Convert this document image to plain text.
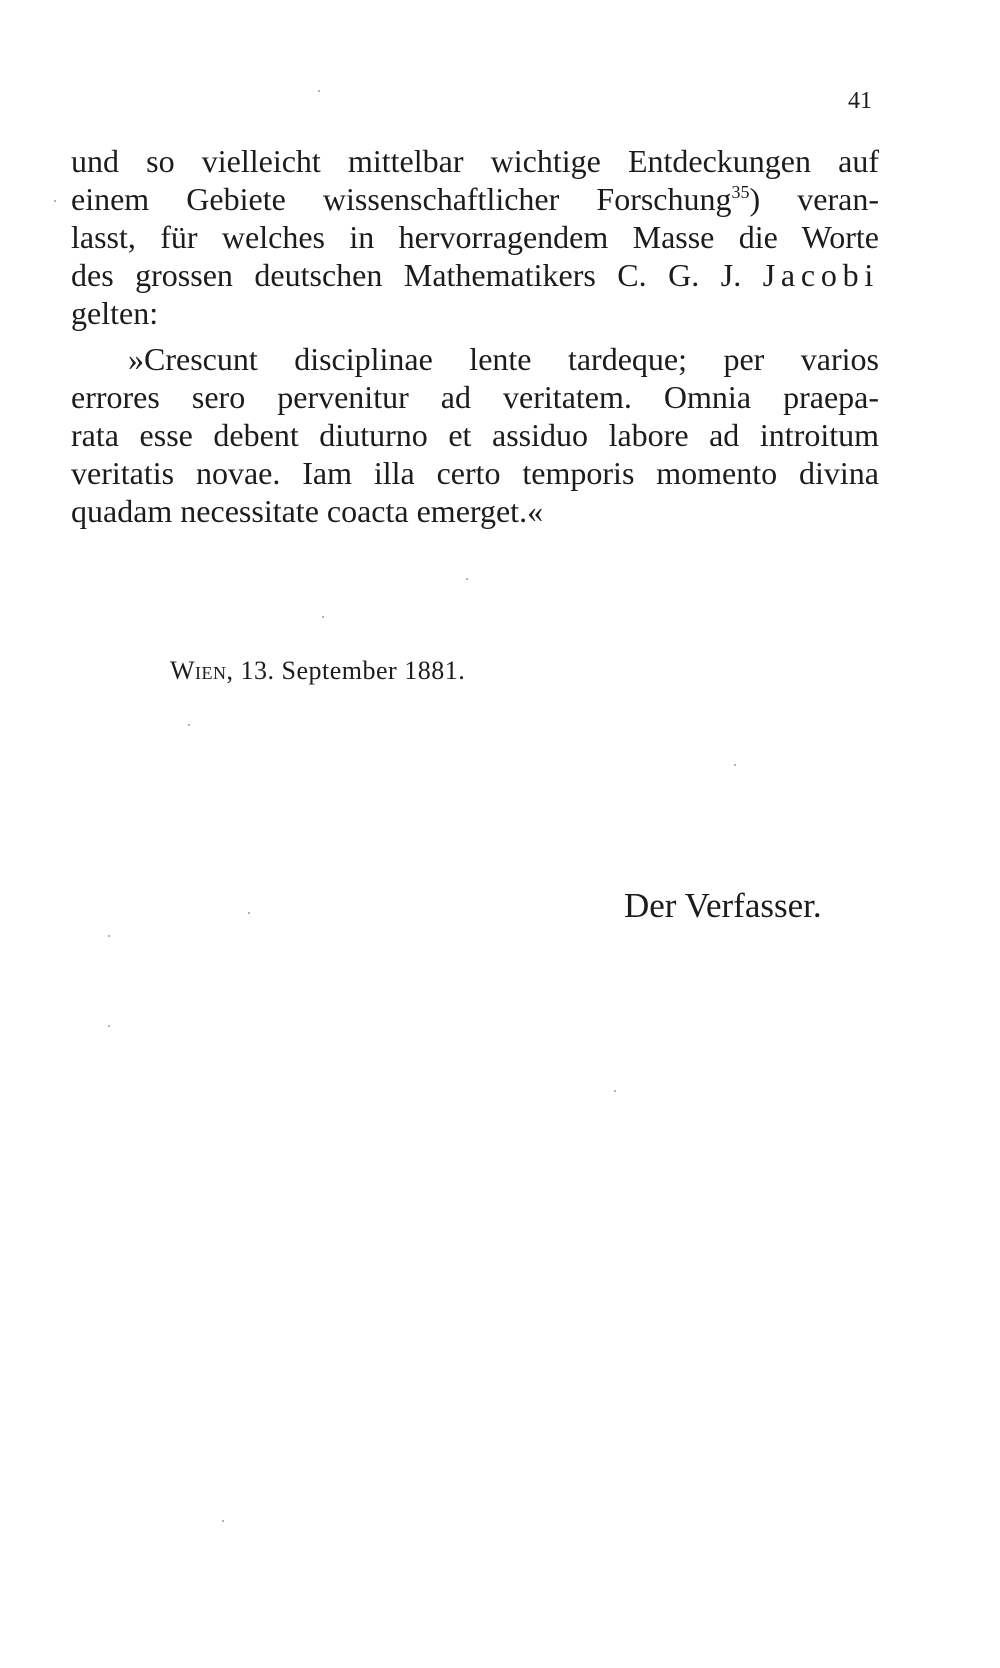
41
und so vielleicht mittelbar wichtige Entdeckungen auf
einem Gebiete wissenschaftlicher Forschung$^{35}$) veran-
lasst, für welches in hervorragendem Masse die Worte
des grossen deutschen Mathematikers C. G. J. Jacobi
gelten:
»Crescunt disciplinae lente tardeque; per varios
errores sero pervenitur ad veritatem. Omnia praepa-
rata esse debent diuturno et assiduo labore ad introitum
veritatis novae. Iam illa certo temporis momento divina
quadam necessitate coacta emerget.«
Wien, 13. September 1881.
Der Verfasser.
